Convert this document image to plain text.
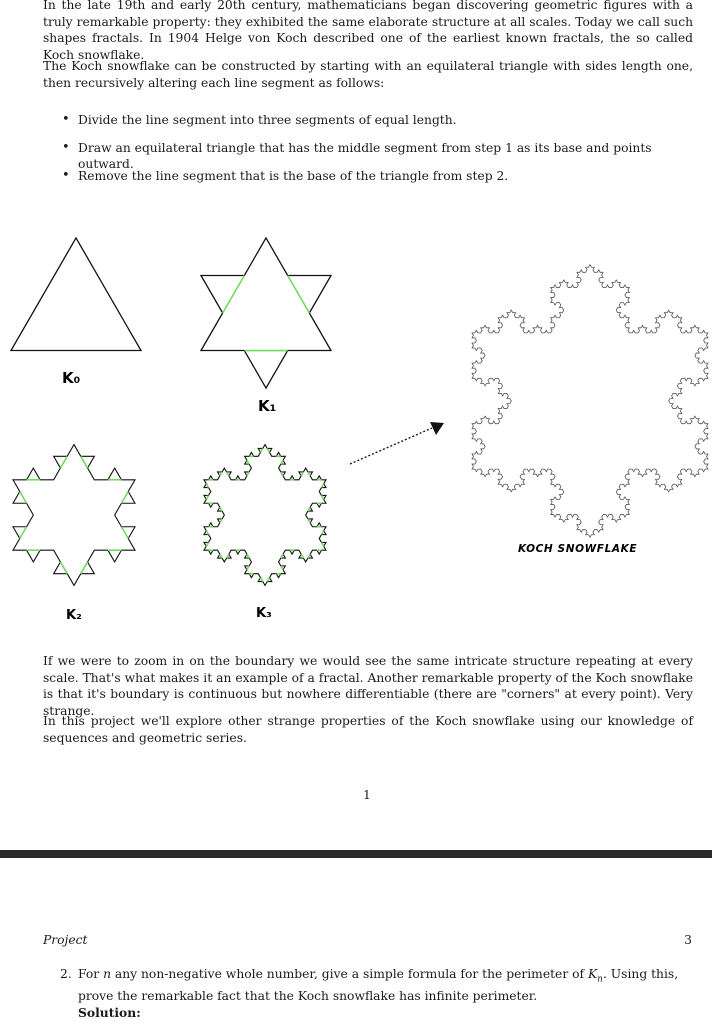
In the late 19th and early 20th century, mathematicians began discovering geometric figures with a truly remarkable property: they exhibited the same elaborate structure at all scales. Today we call such shapes fractals. In 1904 Helge von Koch described one of the earliest known fractals, the so called Koch snowflake.

The Koch snowflake can be constructed by starting with an equilateral triangle with sides length one, then recursively altering each line segment as follows:

• Divide the line segment into three segments of equal length.
• Draw an equilateral triangle that has the middle segment from step 1 as its base and points outward.
• Remove the line segment that is the base of the triangle from step 2.
K₀
K₁
K₂	K₃
KOCH SNOWFLAKE

If we were to zoom in on the boundary we would see the same intricate structure repeating at every scale. That's what makes it an example of a fractal. Another remarkable property of the Koch snowflake is that it's boundary is continuous but nowhere differentiable (there are "corners" at every point). Very strange.

In this project we'll explore other strange properties of the Koch snowflake using our knowledge of sequences and geometric series.

1
Project	3
2. For n any non-negative whole number, give a simple formula for the perimeter of $K_n$. Using this, prove the remarkable fact that the Koch snowflake has infinite perimeter.
Solution:
